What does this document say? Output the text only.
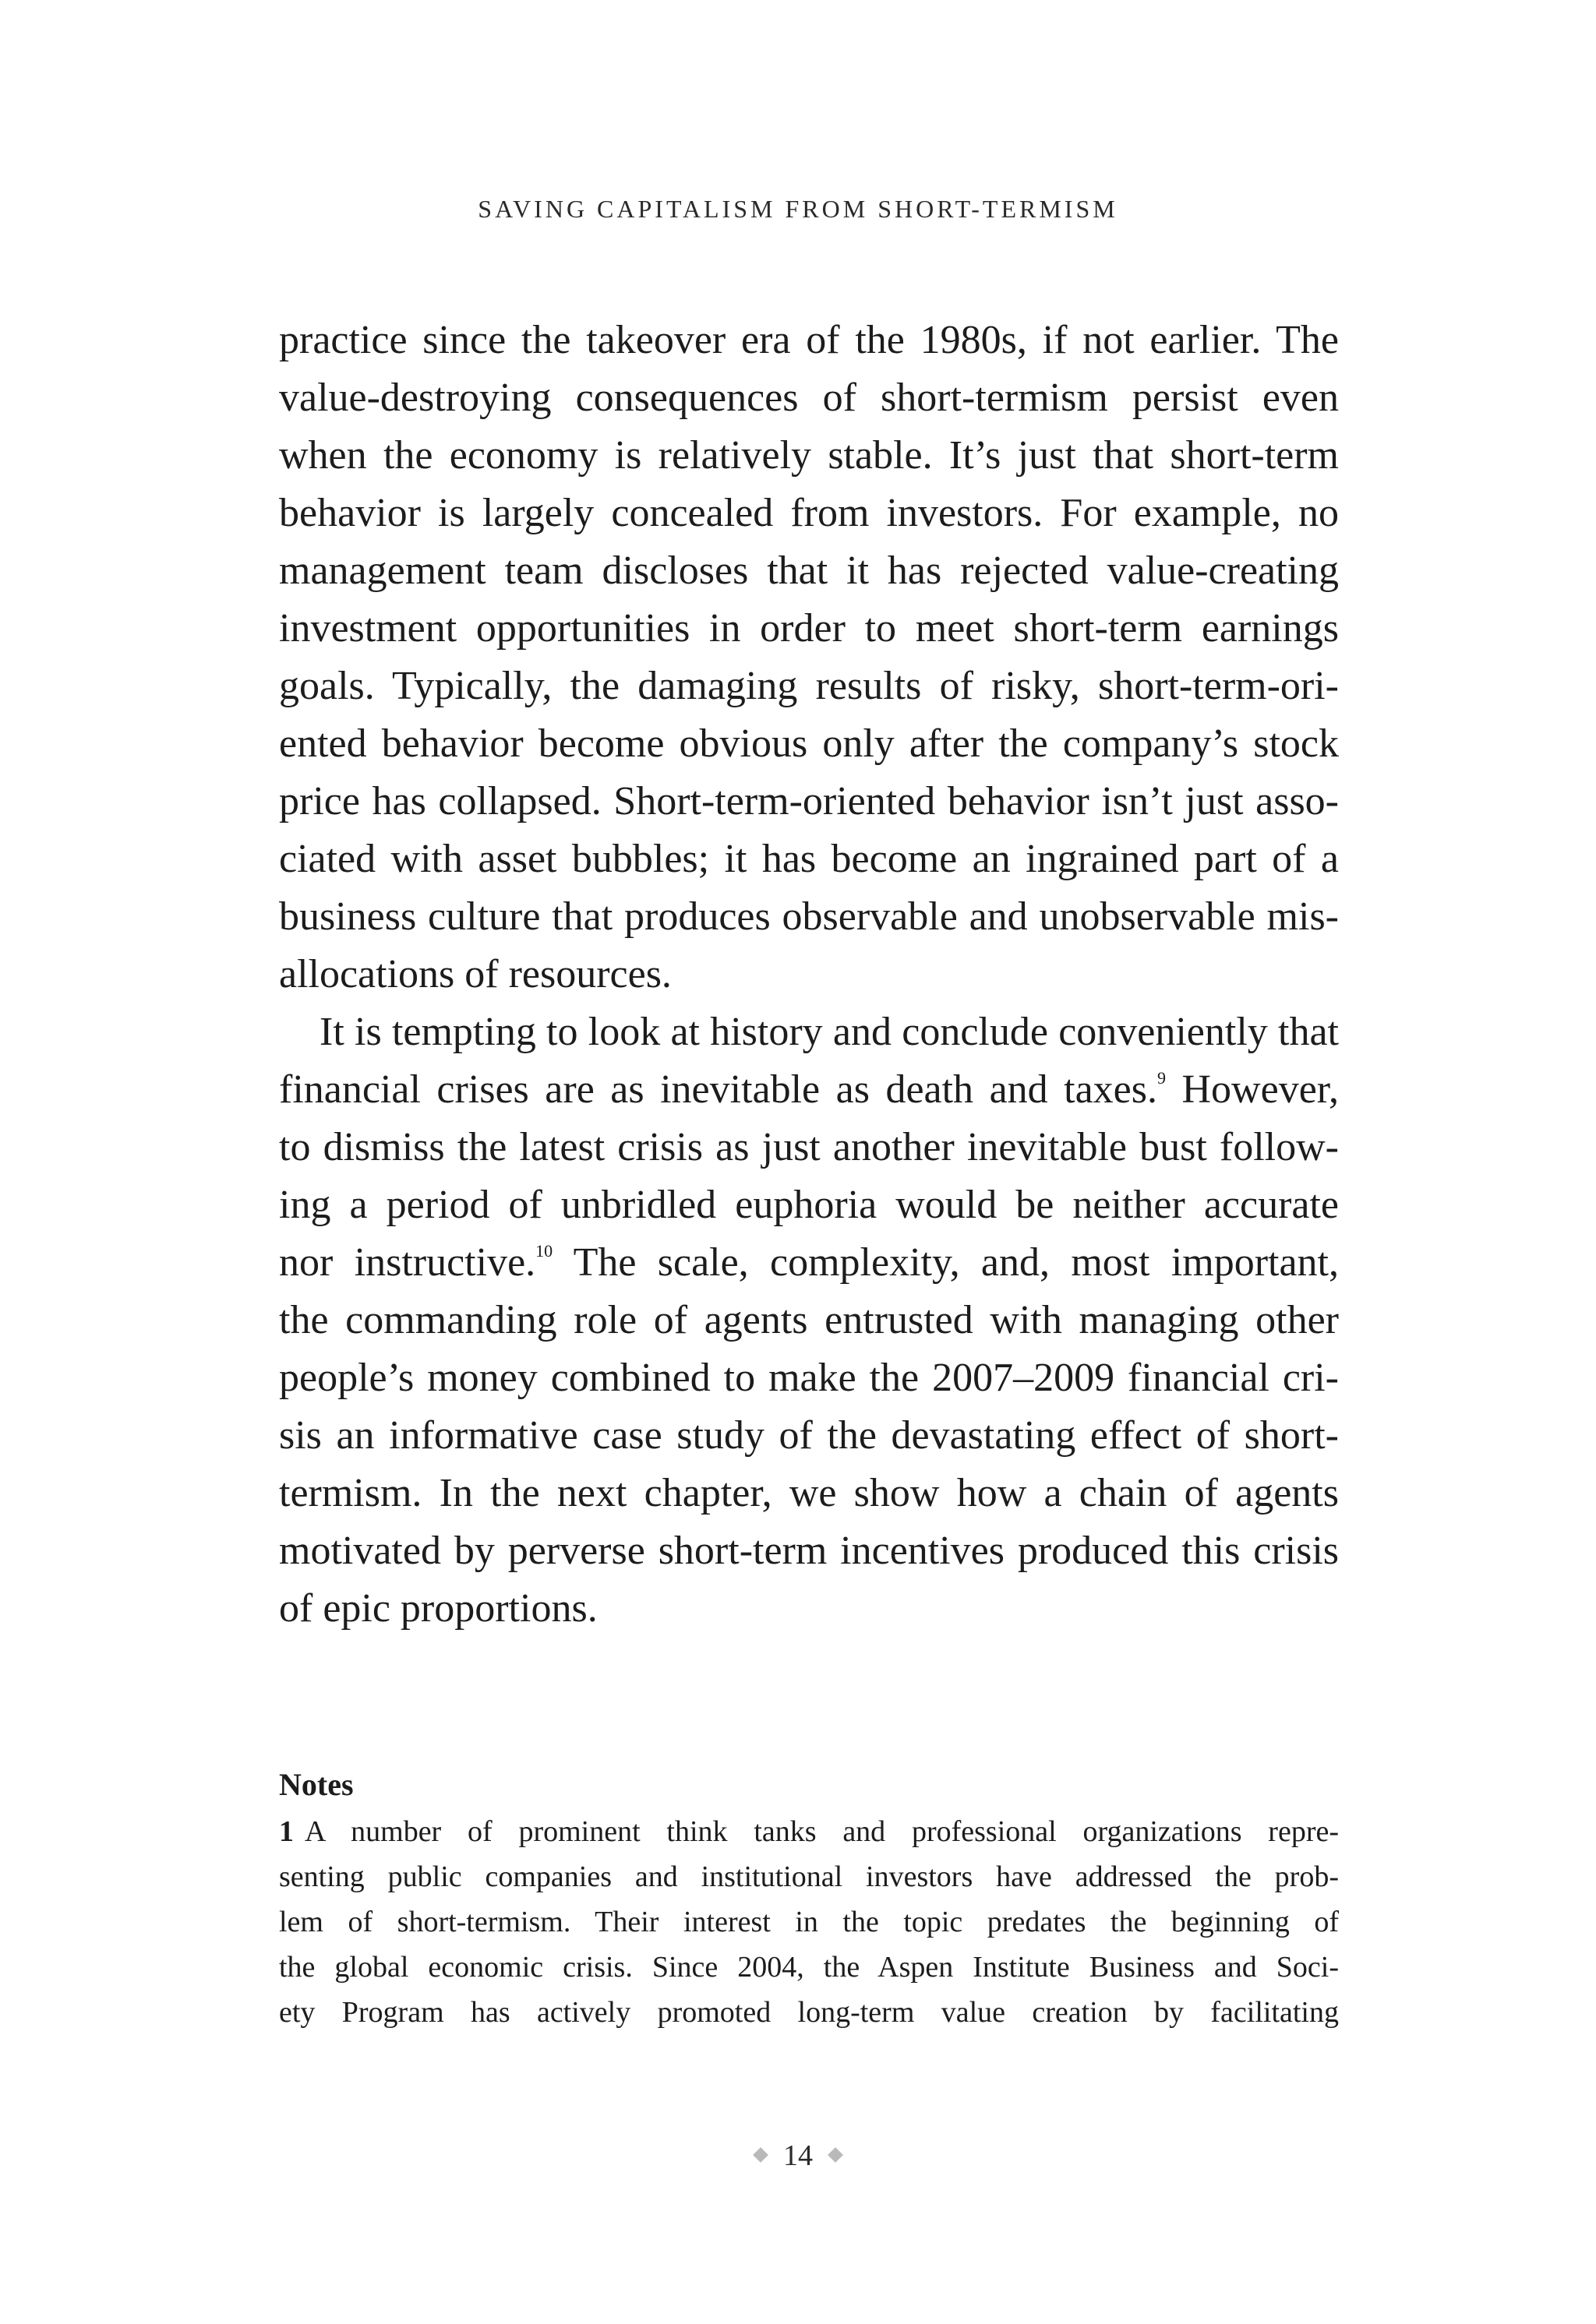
SAVING CAPITALISM FROM SHORT-TERMISM

practice since the takeover era of the 1980s, if not earlier. The
value-destroying consequences of short-termism persist even
when the economy is relatively stable. It’s just that short-term
behavior is largely concealed from investors. For example, no
management team discloses that it has rejected value-creating
investment opportunities in order to meet short-term earnings
goals. Typically, the damaging results of risky, short-term-ori-
ented behavior become obvious only after the company’s stock
price has collapsed. Short-term-oriented behavior isn’t just asso-
ciated with asset bubbles; it has become an ingrained part of a
business culture that produces observable and unobservable mis-
allocations of resources.

It is tempting to look at history and conclude conveniently that
financial crises are as inevitable as death and taxes.$^9$ However,
to dismiss the latest crisis as just another inevitable bust follow-
ing a period of unbridled euphoria would be neither accurate
nor instructive.$^{10}$ The scale, complexity, and, most important,
the commanding role of agents entrusted with managing other
people’s money combined to make the 2007–2009 financial cri-
sis an informative case study of the devastating effect of short-
termism. In the next chapter, we show how a chain of agents
motivated by perverse short-term incentives produced this crisis
of epic proportions.

Notes
1 A number of prominent think tanks and professional organizations repre-
senting public companies and institutional investors have addressed the prob-
lem of short-termism. Their interest in the topic predates the beginning of
the global economic crisis. Since 2004, the Aspen Institute Business and Soci-
ety Program has actively promoted long-term value creation by facilitating
14
